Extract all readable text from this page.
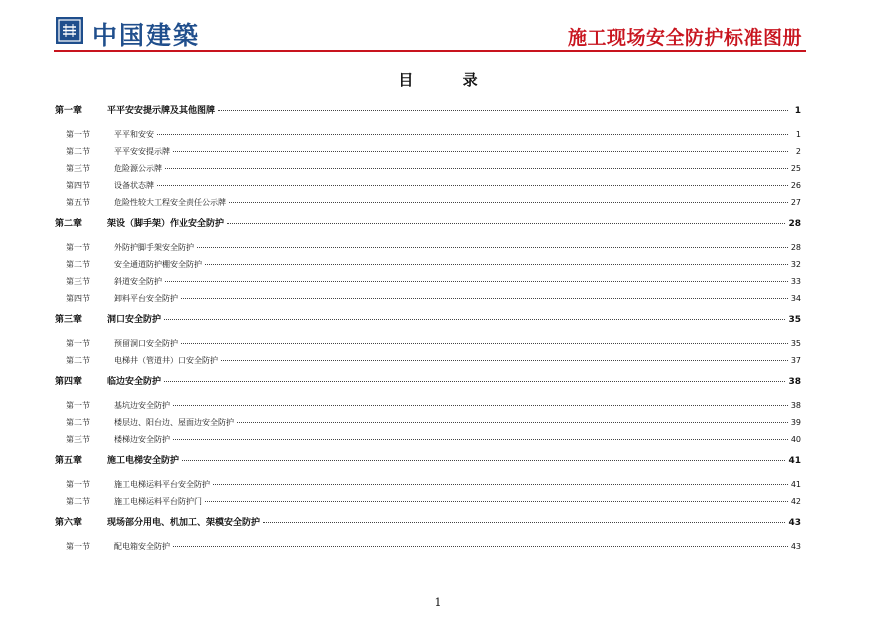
中国建築	施工现场安全防护标准图册
目 录
第一章	平平安安提示牌及其他图牌	1
第一节	平平和安安	1
第二节	平平安安提示牌	2
第三节	危险源公示牌	25
第四节	设备状态牌	26
第五节	危险性较大工程安全责任公示牌	27
第二章	架设（脚手架）作业安全防护	28
第一节	外防护脚手架安全防护	28
第二节	安全通道防护棚安全防护	32
第三节	斜道安全防护	33
第四节	卸料平台安全防护	34
第三章	洞口安全防护	35
第一节	预留洞口安全防护	35
第二节	电梯井（管道井）口安全防护	37
第四章	临边安全防护	38
第一节	基坑边安全防护	38
第二节	楼层边、阳台边、屋面边安全防护	39
第三节	楼梯边安全防护	40
第五章	施工电梯安全防护	41
第一节	施工电梯运料平台安全防护	41
第二节	施工电梯运料平台防护门	42
第六章	现场部分用电、机加工、架模安全防护	43
第一节	配电箱安全防护	43
1
